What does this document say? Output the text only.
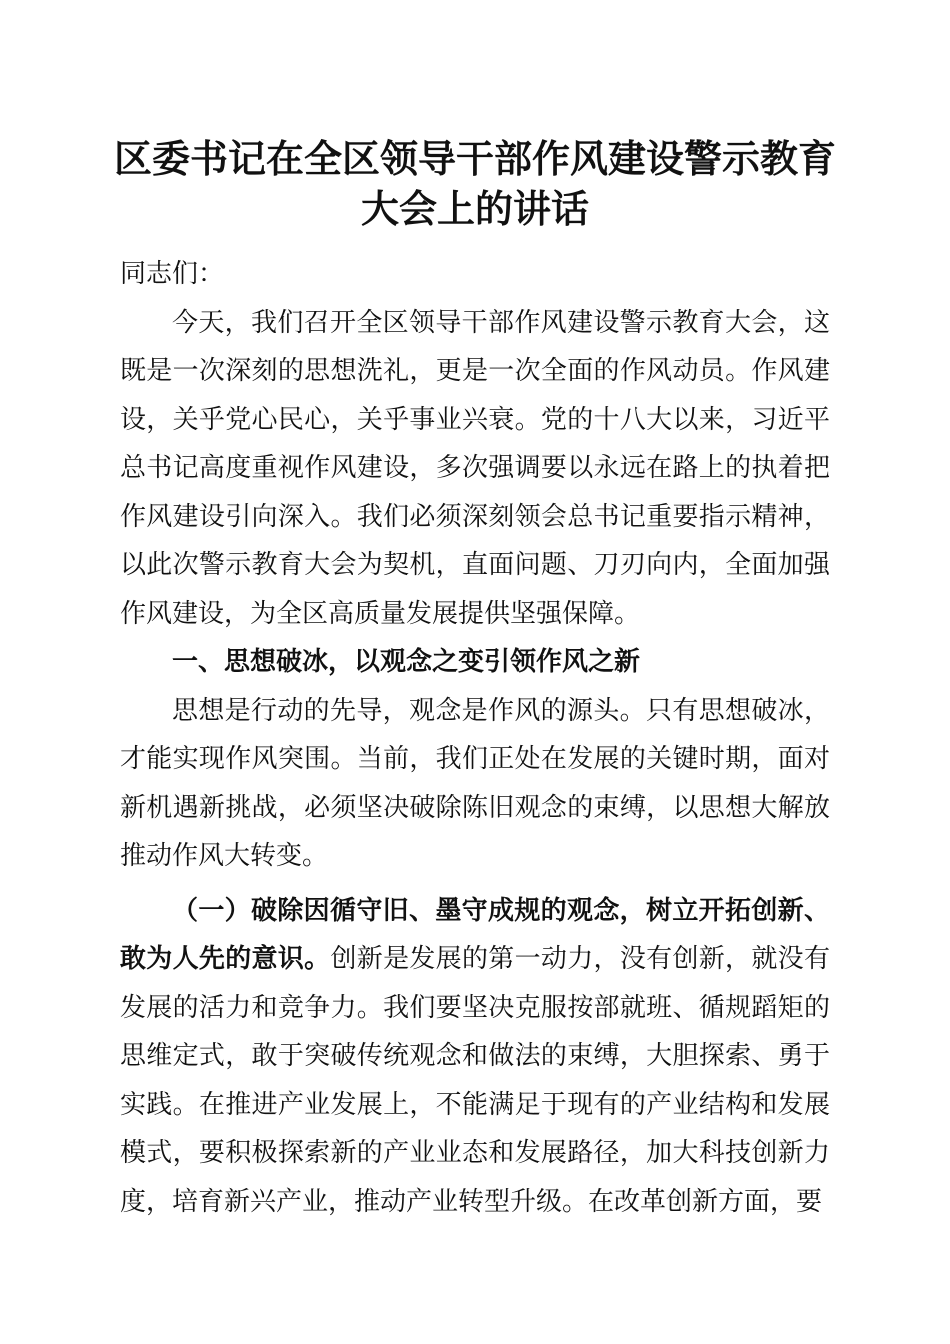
区委书记在全区领导干部作风建设警示教育大会上的讲话

同志们：

今天，我们召开全区领导干部作风建设警示教育大会，这既是一次深刻的思想洗礼，更是一次全面的作风动员。作风建设，关乎党心民心，关乎事业兴衰。党的十八大以来，习近平总书记高度重视作风建设，多次强调要以永远在路上的执着把作风建设引向深入。我们必须深刻领会总书记重要指示精神，以此次警示教育大会为契机，直面问题、刀刃向内，全面加强作风建设，为全区高质量发展提供坚强保障。

一、思想破冰，以观念之变引领作风之新

思想是行动的先导，观念是作风的源头。只有思想破冰，才能实现作风突围。当前，我们正处在发展的关键时期，面对新机遇新挑战，必须坚决破除陈旧观念的束缚，以思想大解放推动作风大转变。

（一）破除因循守旧、墨守成规的观念，树立开拓创新、敢为人先的意识。创新是发展的第一动力，没有创新，就没有发展的活力和竞争力。我们要坚决克服按部就班、循规蹈矩的思维定式，敢于突破传统观念和做法的束缚，大胆探索、勇于实践。在推进产业发展上，不能满足于现有的产业结构和发展模式，要积极探索新的产业业态和发展路径，加大科技创新力度，培育新兴产业，推动产业转型升级。在改革创新方面，要
